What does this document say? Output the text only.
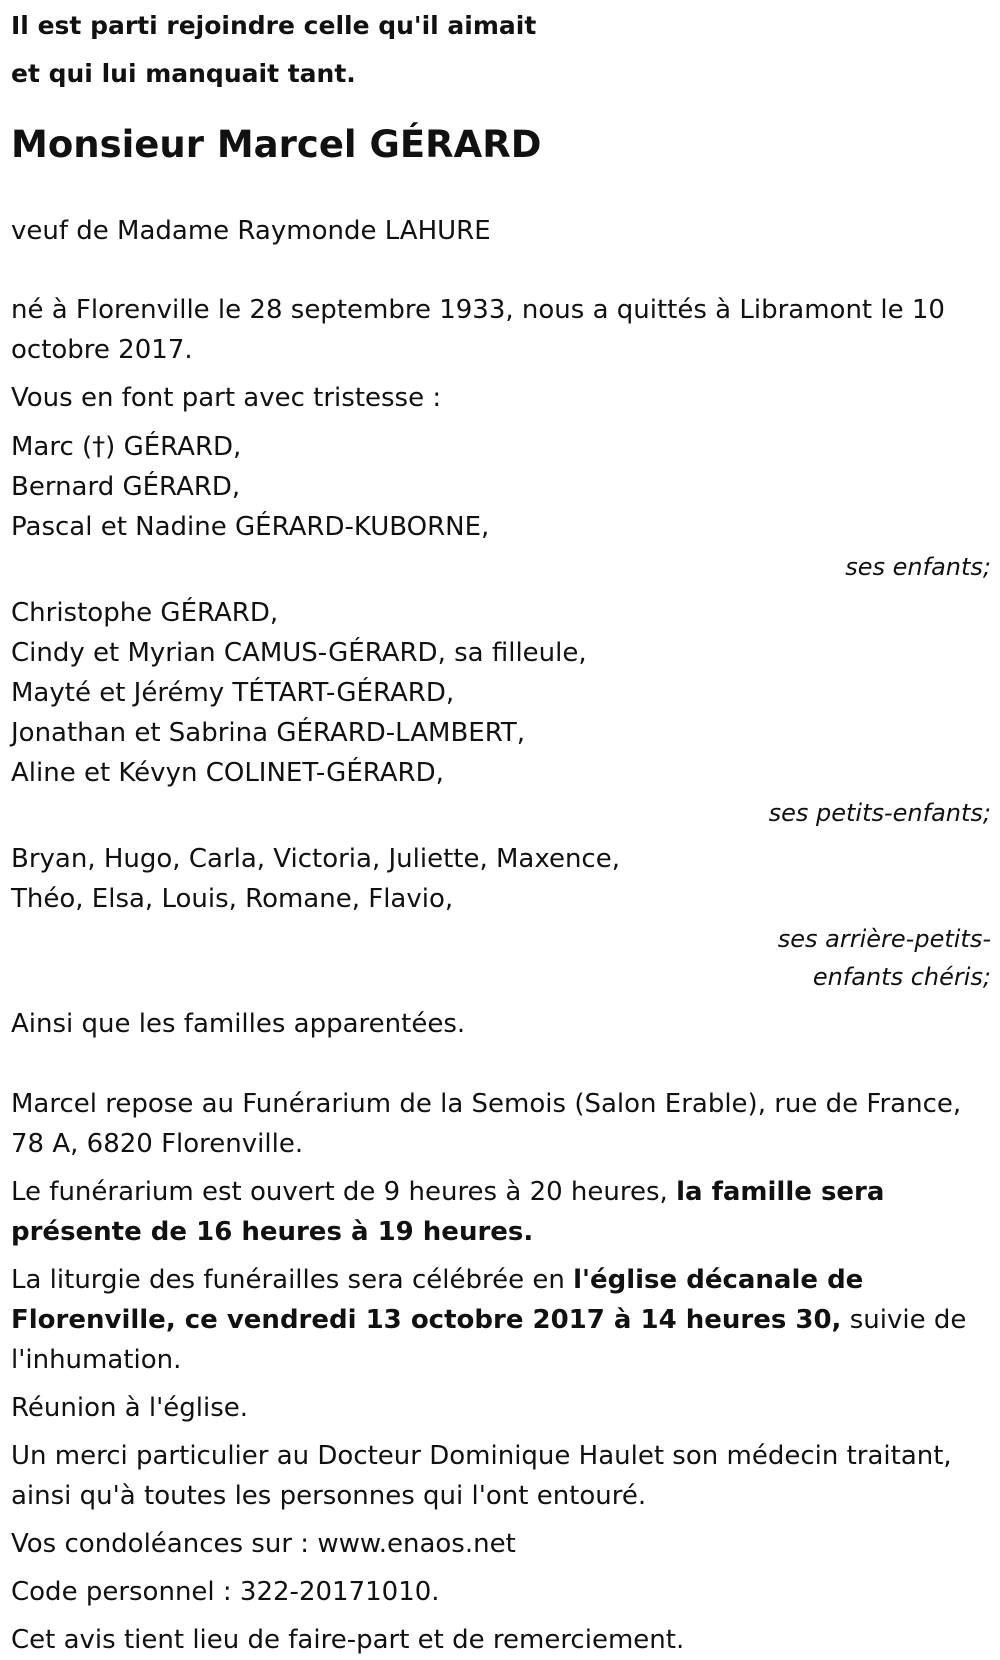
Il est parti rejoindre celle qu'il aimait
et qui lui manquait tant.
Monsieur Marcel GÉRARD
veuf de Madame Raymonde LAHURE
né à Florenville le 28 septembre 1933, nous a quittés à Libramont le 10 octobre 2017.
Vous en font part avec tristesse :
Marc (†) GÉRARD,
Bernard GÉRARD,
Pascal et Nadine GÉRARD-KUBORNE,
ses enfants;
Christophe GÉRARD,
Cindy et Myrian CAMUS-GÉRARD, sa filleule,
Mayté et Jérémy TÉTART-GÉRARD,
Jonathan et Sabrina GÉRARD-LAMBERT,
Aline et Kévyn COLINET-GÉRARD,
ses petits-enfants;
Bryan, Hugo, Carla, Victoria, Juliette, Maxence,
Théo, Elsa, Louis, Romane, Flavio,
ses arrière-petits-
enfants chéris;
Ainsi que les familles apparentées.
Marcel repose au Funérarium de la Semois (Salon Erable), rue de France, 78 A, 6820 Florenville.
Le funérarium est ouvert de 9 heures à 20 heures, la famille sera présente de 16 heures à 19 heures.
La liturgie des funérailles sera célébrée en l'église décanale de Florenville, ce vendredi 13 octobre 2017 à 14 heures 30, suivie de l'inhumation.
Réunion à l'église.
Un merci particulier au Docteur Dominique Haulet son médecin traitant, ainsi qu'à toutes les personnes qui l'ont entouré.
Vos condoléances sur : www.enaos.net
Code personnel : 322-20171010.
Cet avis tient lieu de faire-part et de remerciement.
